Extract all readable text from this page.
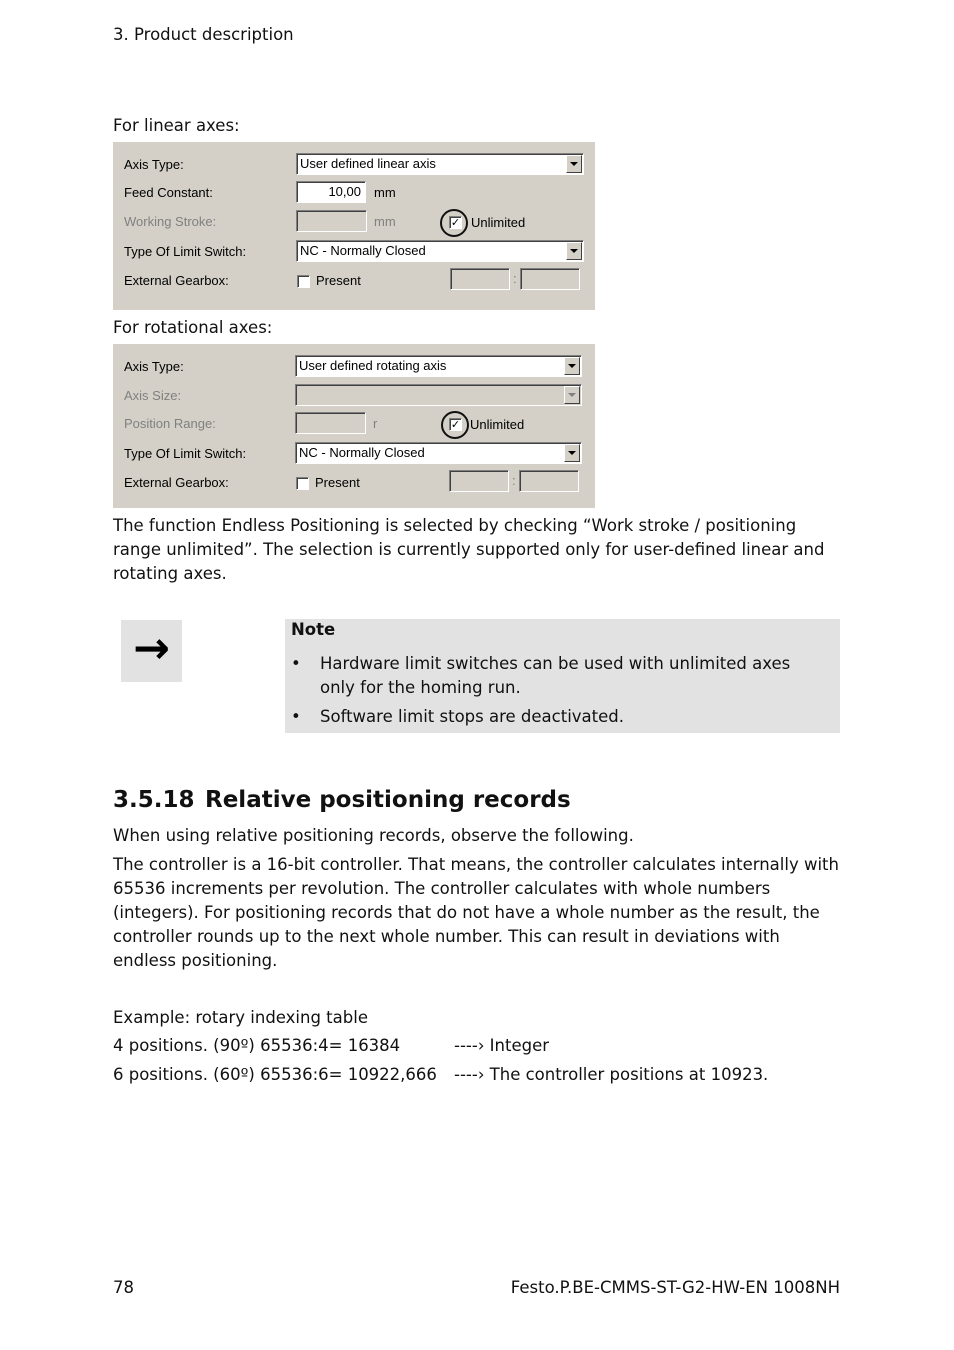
3. Product description
For linear axes:
Axis Type:	User defined linear axis
Feed Constant:	10,00	mm
Working Stroke:	mm	✓ Unlimited
Type Of Limit Switch:	NC - Normally Closed
External Gearbox:	Present	:
For rotational axes:
Axis Type:	User defined rotating axis
Axis Size:
Position Range:	r	✓ Unlimited
Type Of Limit Switch:	NC - Normally Closed
External Gearbox:	Present	:
The function Endless Positioning is selected by checking “Work stroke / positioning range unlimited”. The selection is currently supported only for user-defined linear and rotating axes.
→	Note
• Hardware limit switches can be used with unlimited axes only for the homing run.
• Software limit stops are deactivated.
3.5.18 Relative positioning records
When using relative positioning records, observe the following.
The controller is a 16-bit controller. That means, the controller calculates internally with 65536 increments per revolution. The controller calculates with whole numbers (integers). For positioning records that do not have a whole number as the result, the controller rounds up to the next whole number. This can result in deviations with endless positioning.
Example: rotary indexing table
4 positions. (90º) 65536:4= 16384	----› Integer
6 positions. (60º) 65536:6= 10922,666 ----› The controller positions at 10923.
78	Festo.P.BE-CMMS-ST-G2-HW-EN 1008NH
